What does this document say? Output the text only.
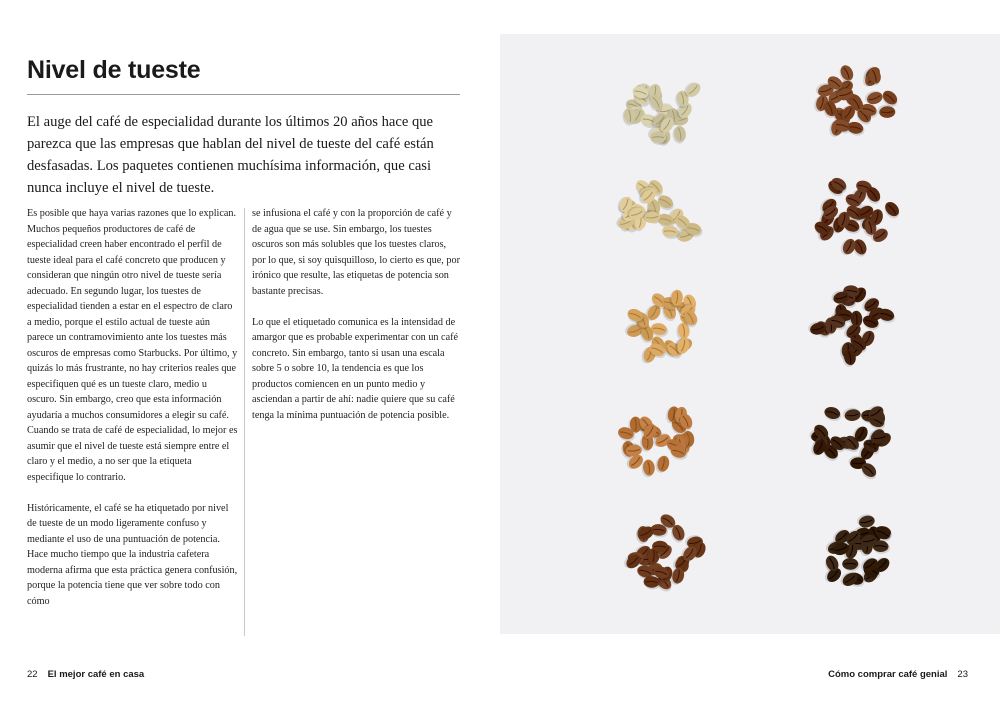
Nivel de tueste

El auge del café de especialidad durante los últimos 20 años hace que parezca que las empresas que hablan del nivel de tueste del café están desfasadas. Los paquetes contienen muchísima información, que casi nunca incluye el nivel de tueste.

Es posible que haya varias razones que lo explican. Muchos pequeños productores de café de especialidad creen haber encontrado el perfil de tueste ideal para el café concreto que producen y consideran que ningún otro nivel de tueste sería adecuado. En segundo lugar, los tuestes de especialidad tienden a estar en el espectro de claro a medio, porque el estilo actual de tueste aún parece un contramovimiento ante los tuestes más oscuros de empresas como Starbucks. Por último, y quizás lo más frustrante, no hay criterios reales que especifiquen qué es un tueste claro, medio u oscuro. Sin embargo, creo que esta información ayudaría a muchos consumidores a elegir su café. Cuando se trata de café de especialidad, lo mejor es asumir que el nivel de tueste está siempre entre el claro y el medio, a no ser que la etiqueta especifique lo contrario.

Históricamente, el café se ha etiquetado por nivel de tueste de un modo ligeramente confuso y mediante el uso de una puntuación de potencia. Hace mucho tiempo que la industria cafetera moderna afirma que esta práctica genera confusión, porque la potencia tiene que ver sobre todo con cómo

se infusiona el café y con la proporción de café y de agua que se use. Sin embargo, los tuestes oscuros son más solubles que los tuestes claros, por lo que, si soy quisquilloso, lo cierto es que, por irónico que resulte, las etiquetas de potencia son bastante precisas.

Lo que el etiquetado comunica es la intensidad de amargor que es probable experimentar con un café concreto. Sin embargo, tanto si usan una escala sobre 5 o sobre 10, la tendencia es que los productos comiencen en un punto medio y asciendan a partir de ahí: nadie quiere que su café tenga la mínima puntuación de potencia posible.

22 El mejor café en casa	Cómo comprar café genial 23
